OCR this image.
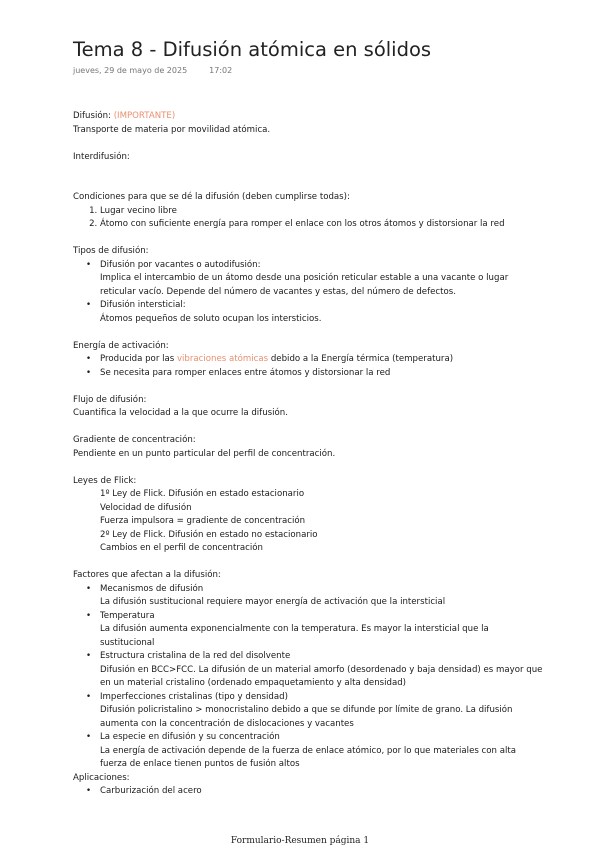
Tema 8 - Difusión atómica en sólidos
jueves, 29 de mayo de 2025	17:02

Difusión: (IMPORTANTE)

Transporte de materia por movilidad atómica.

Interdifusión:

Condiciones para que se dé la difusión (deben cumplirse todas):

1. Lugar vecino libre
2. Átomo con suficiente energía para romper el enlace con los otros átomos y distorsionar la red

Tipos de difusión:

• Difusión por vacantes o autodifusión:
Implica el intercambio de un átomo desde una posición reticular estable a una vacante o lugar reticular vacío. Depende del número de vacantes y estas, del número de defectos.
• Difusión intersticial:
Átomos pequeños de soluto ocupan los intersticios.

Energía de activación:

• Producida por las vibraciones atómicas debido a la Energía térmica (temperatura)
• Se necesita para romper enlaces entre átomos y distorsionar la red

Flujo de difusión:

Cuantifica la velocidad a la que ocurre la difusión.

Gradiente de concentración:

Pendiente en un punto particular del perfil de concentración.

Leyes de Flick:

1º Ley de Flick. Difusión en estado estacionario

Velocidad de difusión

Fuerza impulsora = gradiente de concentración

2º Ley de Flick. Difusión en estado no estacionario

Cambios en el perfil de concentración

Factores que afectan a la difusión:

• Mecanismos de difusión
La difusión sustitucional requiere mayor energía de activación que la intersticial
• Temperatura
La difusión aumenta exponencialmente con la temperatura. Es mayor la intersticial que la sustitucional
• Estructura cristalina de la red del disolvente
Difusión en BCC>FCC. La difusión de un material amorfo (desordenado y baja densidad) es mayor que en un material cristalino (ordenado empaquetamiento y alta densidad)
• Imperfecciones cristalinas (tipo y densidad)
Difusión policristalino > monocristalino debido a que se difunde por límite de grano. La difusión aumenta con la concentración de dislocaciones y vacantes
• La especie en difusión y su concentración
La energía de activación depende de la fuerza de enlace atómico, por lo que materiales con alta fuerza de enlace tienen puntos de fusión altos

Aplicaciones:

• Carburización del acero
Formulario-Resumen página 1
